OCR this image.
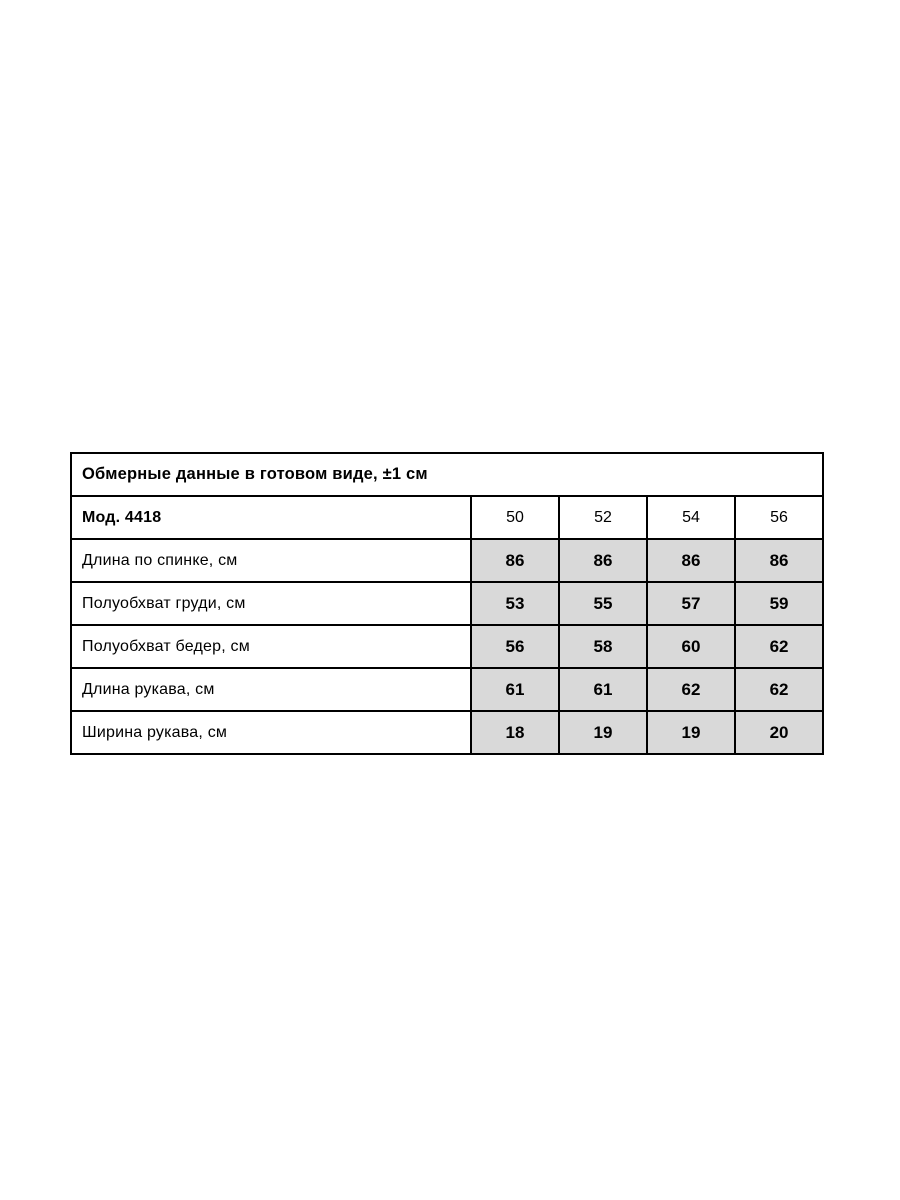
Обмерные данные в готовом виде, ±1 см				
Мод. 4418	50	52	54	56
Длина по спинке, см	86	86	86	86
Полуобхват груди, см	53	55	57	59
Полуобхват бедер, см	56	58	60	62
Длина рукава, см	61	61	62	62
Ширина рукава, см	18	19	19	20
